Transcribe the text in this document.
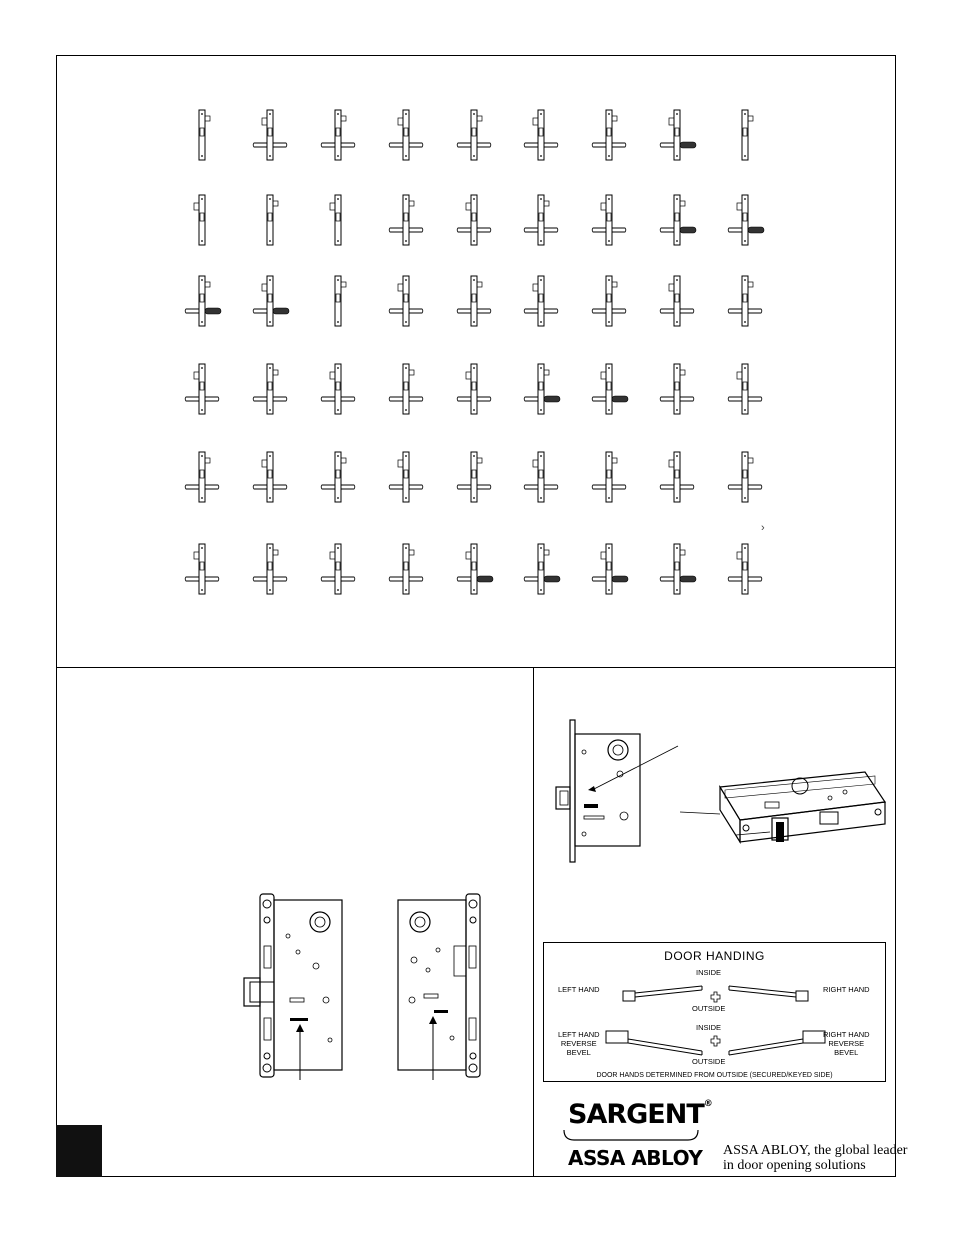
›
DOOR HANDING
INSIDE
OUTSIDE
LEFT HAND	RIGHT HAND
INSIDE
OUTSIDE
LEFT HAND
REVERSE
BEVEL
RIGHT HAND
REVERSE
BEVEL
DOOR HANDS DETERMINED FROM OUTSIDE (SECURED/KEYED SIDE)
SARGENT®
ASSA ABLOY ASSA ABLOY, the global leader
in door opening solutions
